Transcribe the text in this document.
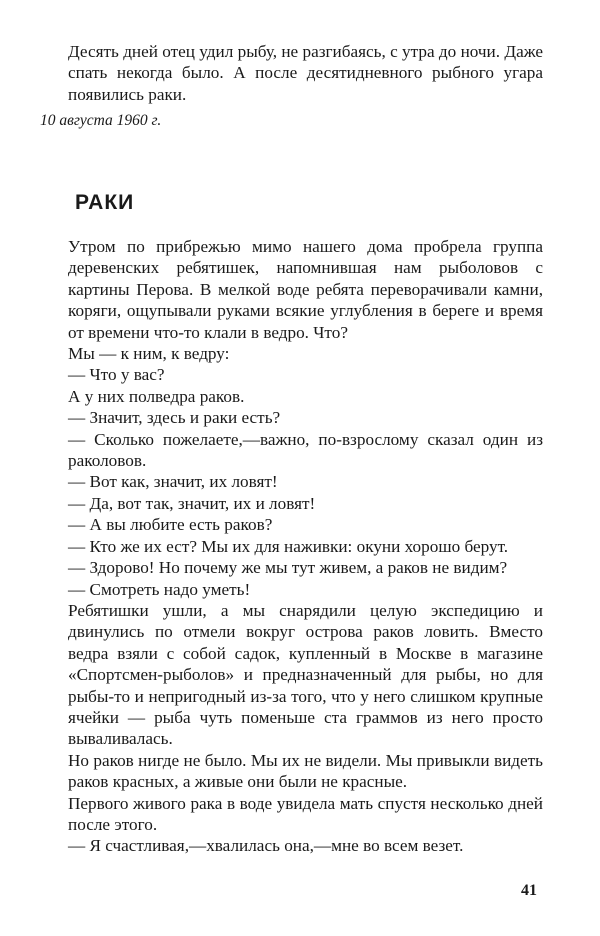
Десять дней отец удил рыбу, не разгибаясь, с утра до ночи. Даже спать некогда было. А после десятидневного рыбного угара появились раки.

10 августа 1960 г.
РАКИ

Утром по прибрежью мимо нашего дома пробрела группа деревенских ребятишек, напомнившая нам рыболовов с картины Перова. В мелкой воде ребята переворачивали камни, коряги, ощупывали руками всякие углубления в береге и время от времени что-то клали в ведро. Что?

Мы — к ним, к ведру:

— Что у вас?

А у них полведра раков.

— Значит, здесь и раки есть?

— Сколько пожелаете,—важно, по-взрослому сказал один из раколовов.

— Вот как, значит, их ловят!

— Да, вот так, значит, их и ловят!

— А вы любите есть раков?

— Кто же их ест? Мы их для наживки: окуни хорошо берут.

— Здорово! Но почему же мы тут живем, а раков не видим?

— Смотреть надо уметь!

Ребятишки ушли, а мы снарядили целую экспедицию и двинулись по отмели вокруг острова раков ловить. Вместо ведра взяли с собой садок, купленный в Москве в магазине «Спортсмен-рыболов» и предназначенный для рыбы, но для рыбы-то и непригодный из-за того, что у него слишком крупные ячейки — рыба чуть поменьше ста граммов из него просто вываливалась.

Но раков нигде не было. Мы их не видели. Мы привыкли видеть раков красных, а живые они были не красные.

Первого живого рака в воде увидела мать спустя несколько дней после этого.

— Я счастливая,—хвалилась она,—мне во всем везет.

41
